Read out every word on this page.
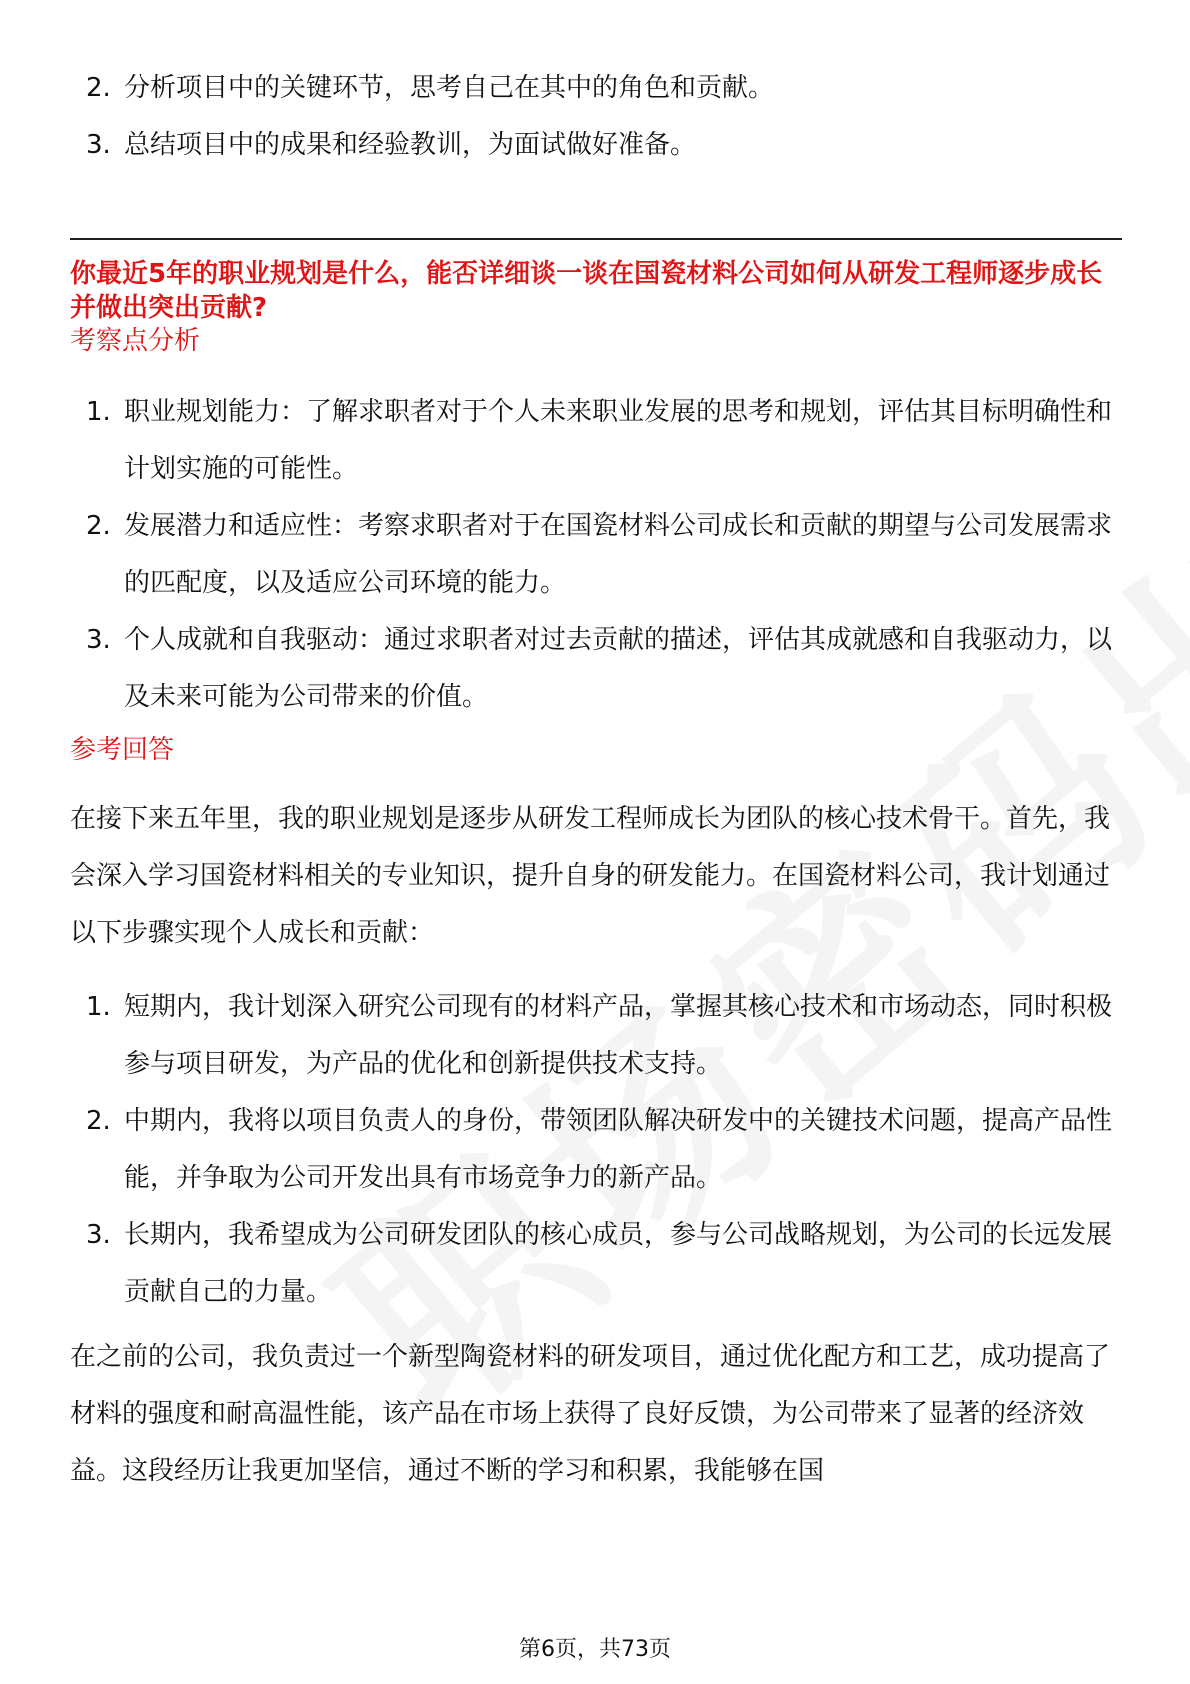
2. 分析项目中的关键环节，思考自己在其中的角色和贡献。
3. 总结项目中的成果和经验教训，为面试做好准备。
你最近5年的职业规划是什么，能否详细谈一谈在国瓷材料公司如何从研发工程师逐步成长并做出突出贡献?
考察点分析
1. 职业规划能力：了解求职者对于个人未来职业发展的思考和规划，评估其目标明确性和计划实施的可能性。
2. 发展潜力和适应性：考察求职者对于在国瓷材料公司成长和贡献的期望与公司发展需求的匹配度，以及适应公司环境的能力。
3. 个人成就和自我驱动：通过求职者对过去贡献的描述，评估其成就感和自我驱动力，以及未来可能为公司带来的价值。
参考回答

在接下来五年里，我的职业规划是逐步从研发工程师成长为团队的核心技术骨干。首先，我会深入学习国瓷材料相关的专业知识，提升自身的研发能力。在国瓷材料公司，我计划通过以下步骤实现个人成长和贡献：

1. 短期内，我计划深入研究公司现有的材料产品，掌握其核心技术和市场动态，同时积极参与项目研发，为产品的优化和创新提供技术支持。
2. 中期内，我将以项目负责人的身份，带领团队解决研发中的关键技术问题，提高产品性能，并争取为公司开发出具有市场竞争力的新产品。
3. 长期内，我希望成为公司研发团队的核心成员，参与公司战略规划，为公司的长远发展贡献自己的力量。

在之前的公司，我负责过一个新型陶瓷材料的研发项目，通过优化配方和工艺，成功提高了材料的强度和耐高温性能，该产品在市场上获得了良好反馈，为公司带来了显著的经济效益。这段经历让我更加坚信，通过不断的学习和积累，我能够在国

第6页，共73页
